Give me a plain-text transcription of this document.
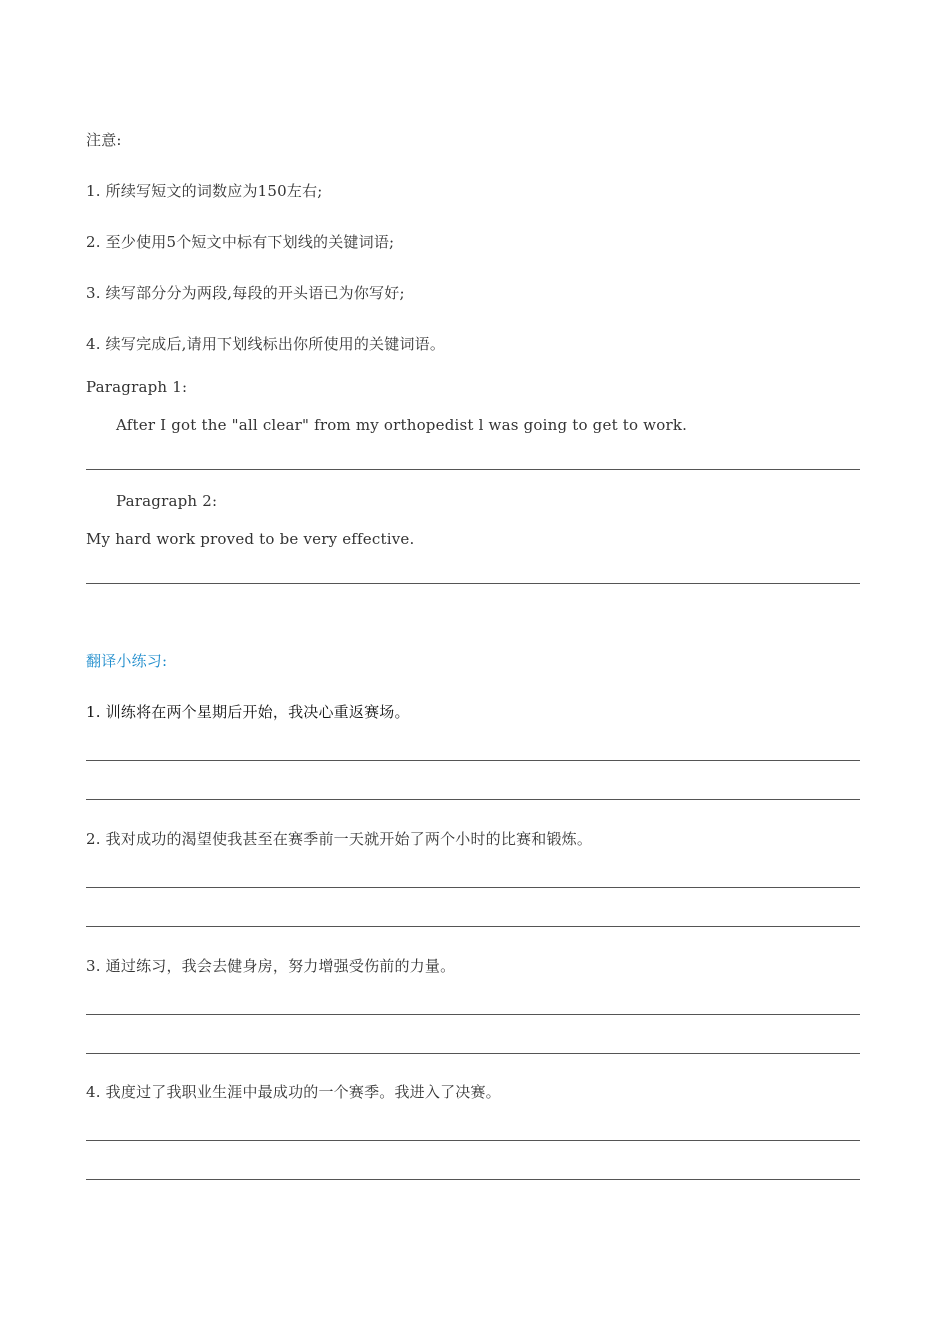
注意:
1. 所续写短文的词数应为150左右;
2. 至少使用5个短文中标有下划线的关键词语;
3. 续写部分分为两段,每段的开头语已为你写好;
4. 续写完成后,请用下划线标出你所使用的关键词语。
Paragraph 1:
After I got the "all clear" from my orthopedist l was going to get to work.
Paragraph 2:
My hard work proved to be very effective.
翻译小练习:
1. 训练将在两个星期后开始，我决心重返赛场。
2. 我对成功的渴望使我甚至在赛季前一天就开始了两个小时的比赛和锻炼。
3. 通过练习，我会去健身房，努力增强受伤前的力量。
4. 我度过了我职业生涯中最成功的一个赛季。我进入了决赛。
